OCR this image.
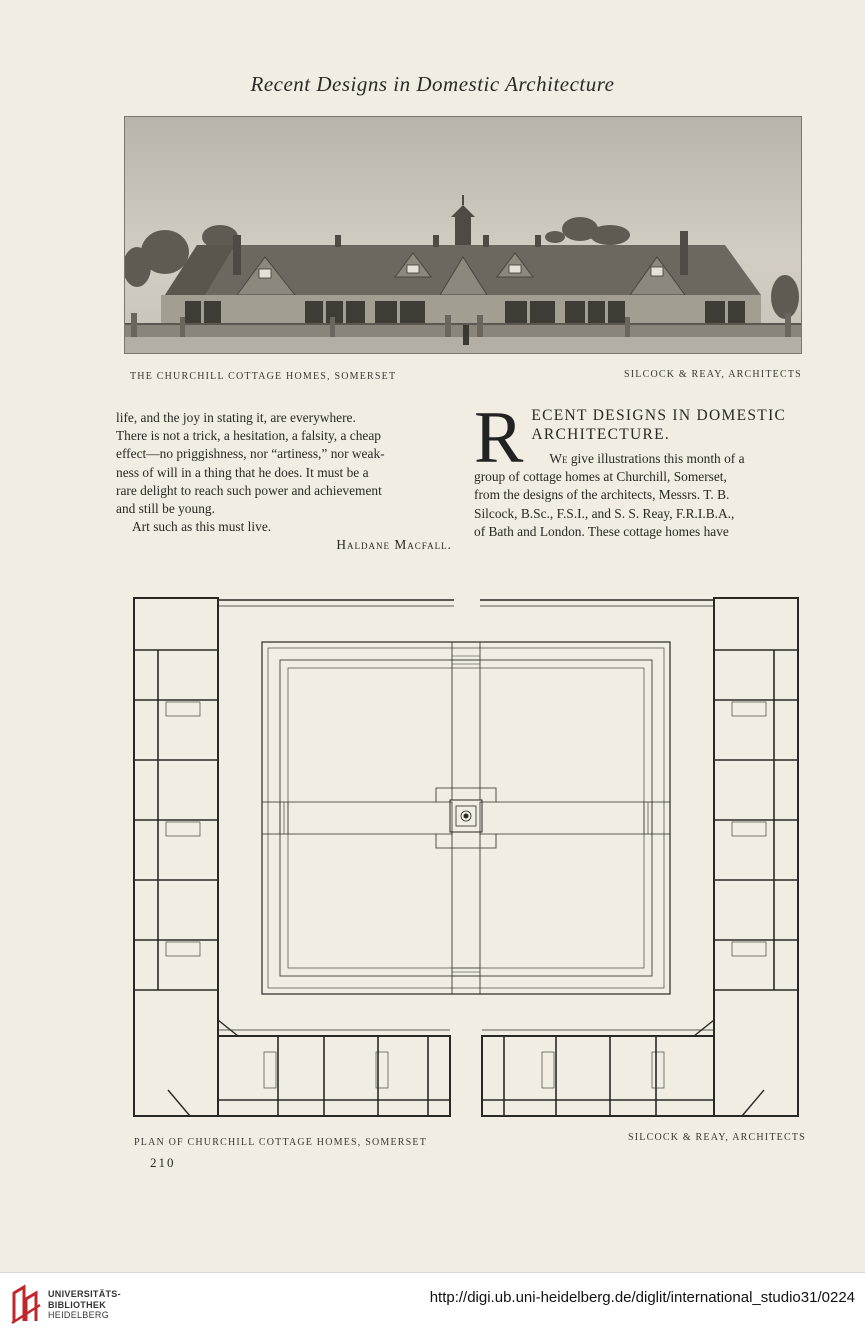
Recent Designs in Domestic Architecture
THE CHURCHILL COTTAGE HOMES, SOMERSET	SILCOCK & REAY, ARCHITECTS

life, and the joy in stating it, are everywhere.

There is not a trick, a hesitation, a falsity, a cheap

effect—no priggishness, nor “artiness,” nor weak-

ness of will in a thing that he does. It must be a

rare delight to reach such power and achievement

and still be young.

Art such as this must live.

Haldane Macfall.

R ECENT DESIGNS IN DOMESTIC
ARCHITECTURE.

We give illustrations this month of a

group of cottage homes at Churchill, Somerset,

from the designs of the architects, Messrs. T. B.

Silcock, B.Sc., F.S.I., and S. S. Reay, F.R.I.B.A.,

of Bath and London. These cottage homes have

PLAN OF CHURCHILL COTTAGE HOMES, SOMERSET	SILCOCK & REAY, ARCHITECTS
210
UNIVERSITÄTS-
BIBLIOTHEK
HEIDELBERG
http://digi.ub.uni-heidelberg.de/diglit/international_studio31/0224
